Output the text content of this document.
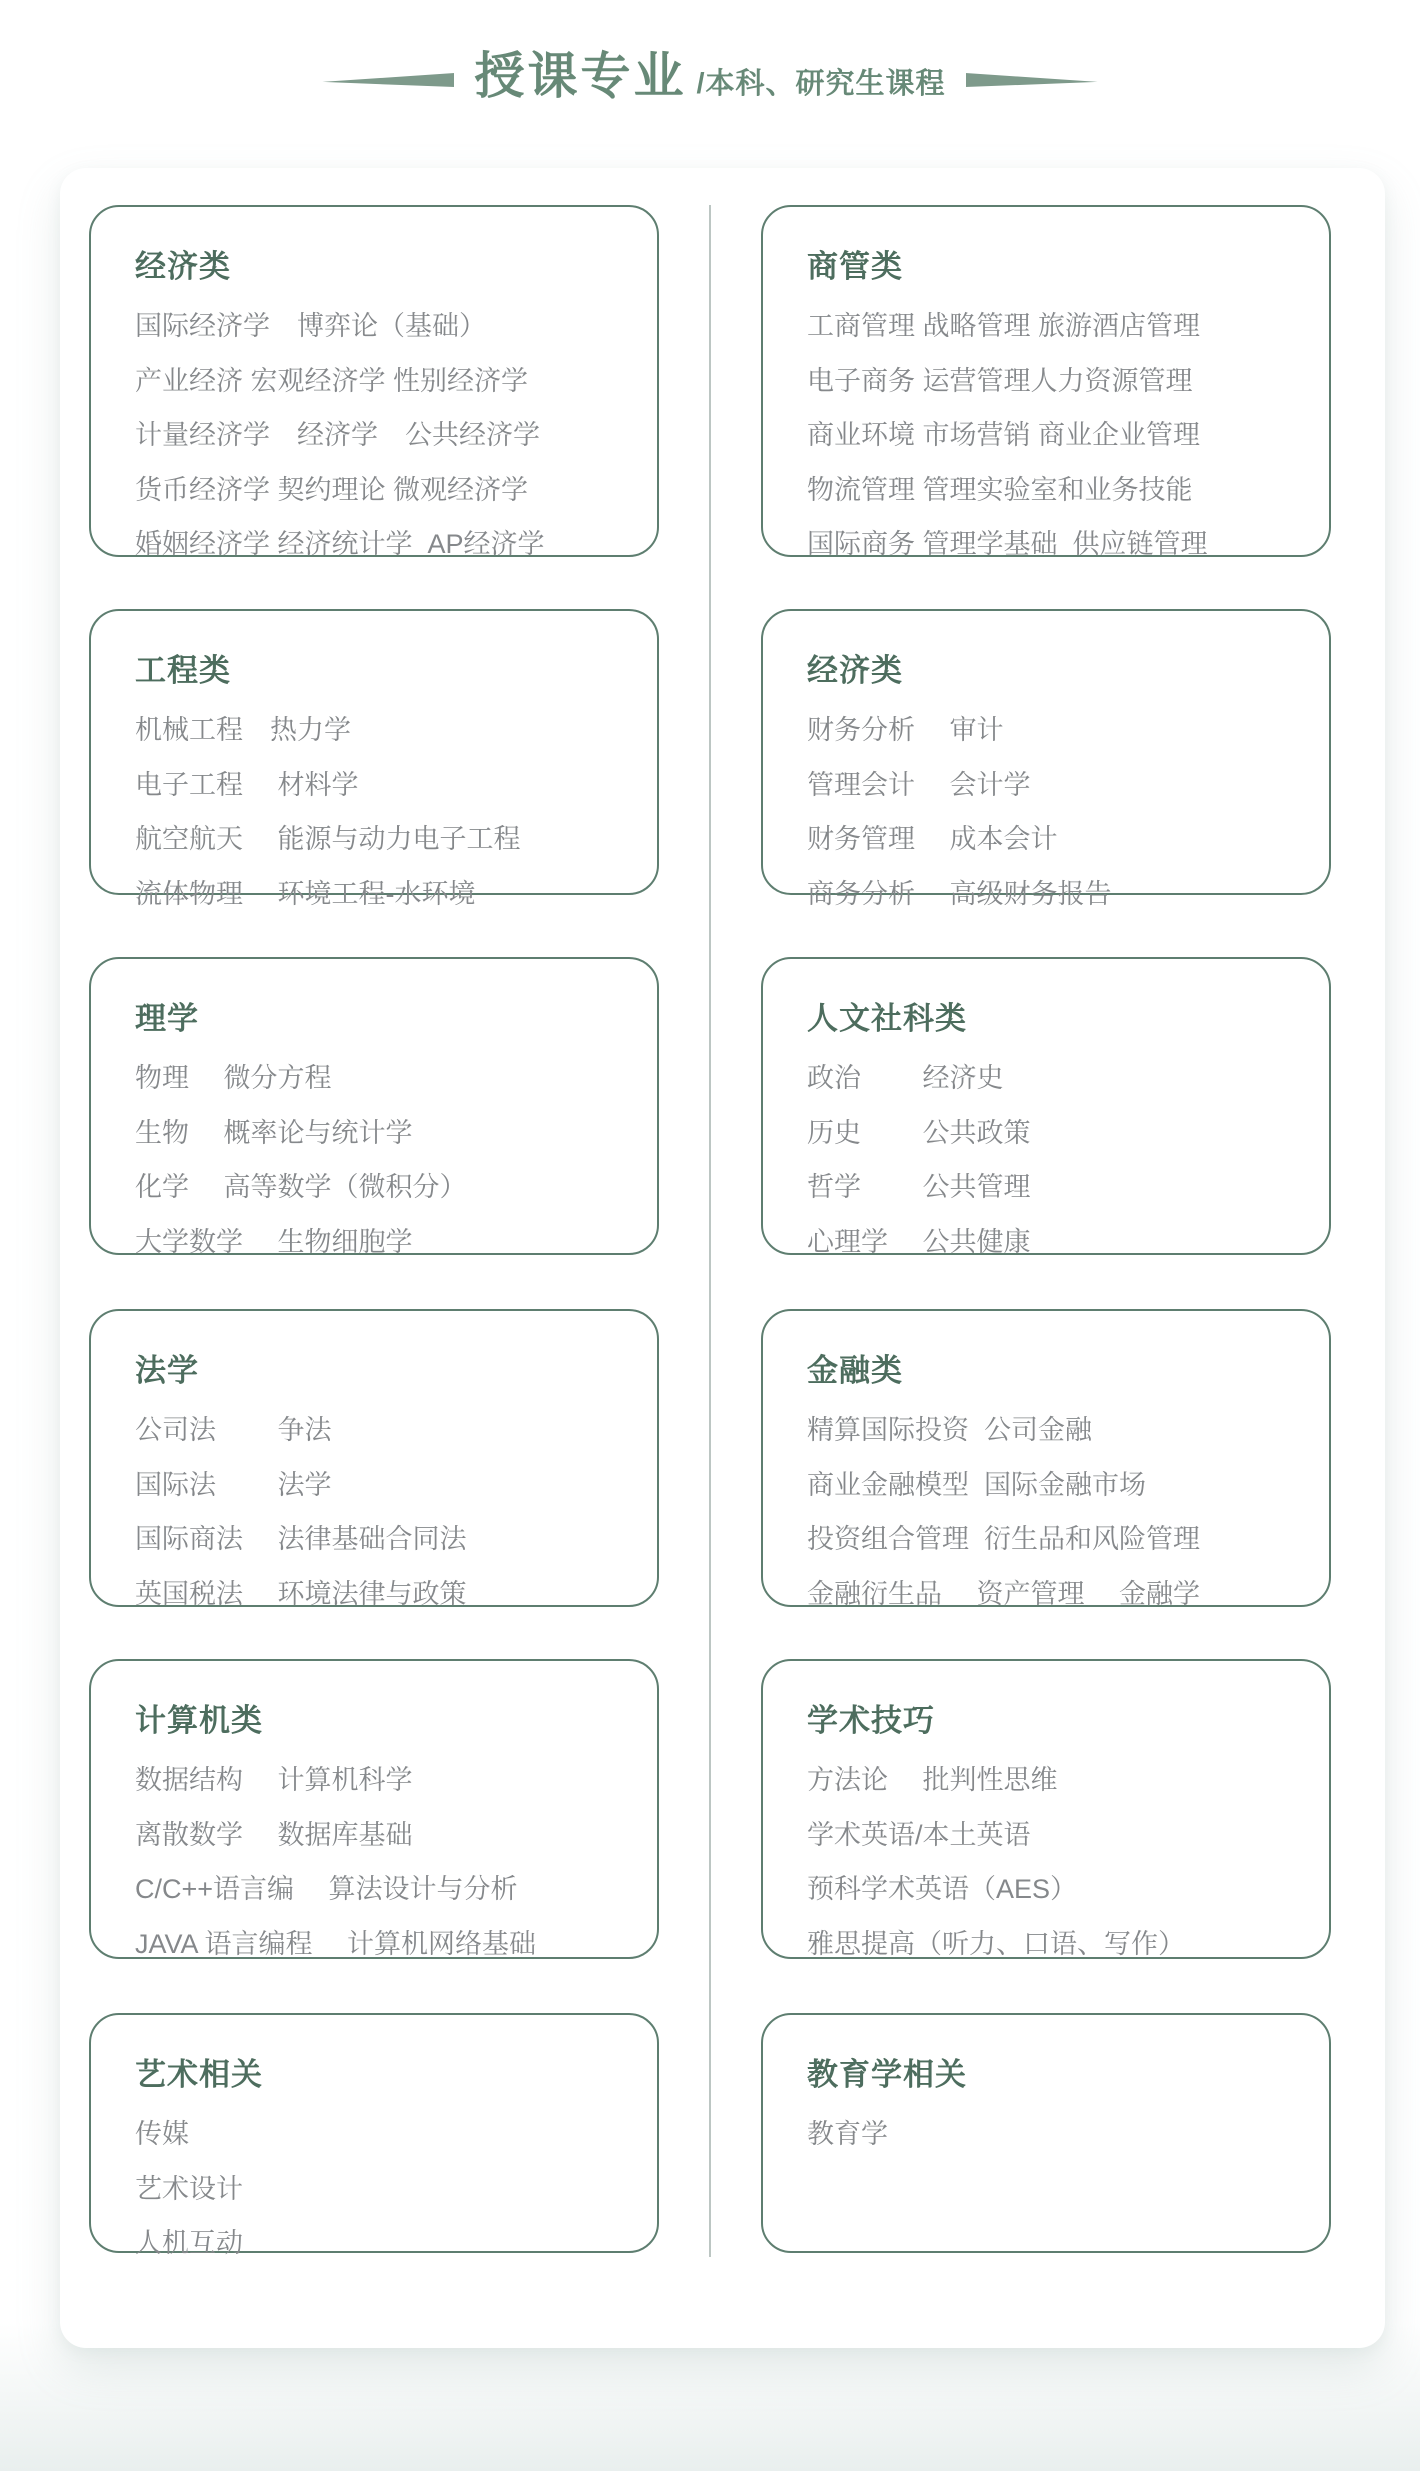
授课专业 /本科、研究生课程
经济类

国际经济学　博弈论（基础）

产业经济 宏观经济学 性别经济学

计量经济学　经济学　公共经济学

货币经济学 契约理论 微观经济学

婚姻经济学 经济统计学  AP经济学

商管类

工商管理 战略管理 旅游酒店管理

电子商务 运营管理人力资源管理

商业环境 市场营销 商业企业管理

物流管理 管理实验室和业务技能

国际商务 管理学基础  供应链管理

工程类

机械工程　热力学

电子工程　 材料学

航空航天　 能源与动力电子工程

流体物理　 环境工程-水环境

经济类

财务分析　 审计

管理会计　 会计学

财务管理　 成本会计

商务分析　 高级财务报告

理学

物理　 微分方程

生物　 概率论与统计学

化学　 高等数学（微积分）

大学数学　 生物细胞学

人文社科类

政治　　 经济史

历史　　 公共政策

哲学　　 公共管理

心理学　 公共健康

法学

公司法　　 争法

国际法　　 法学

国际商法　 法律基础合同法

英国税法　 环境法律与政策

金融类

精算国际投资  公司金融

商业金融模型  国际金融市场

投资组合管理  衍生品和风险管理

金融衍生品　 资产管理　 金融学

计算机类

数据结构　 计算机科学

离散数学　 数据库基础

C/C++语言编　 算法设计与分析

JAVA 语言编程　 计算机网络基础

学术技巧

方法论　 批判性思维

学术英语/本土英语

预科学术英语（AES）

雅思提高（听力、口语、写作）

艺术相关

传媒

艺术设计

人机互动

教育学相关

教育学
